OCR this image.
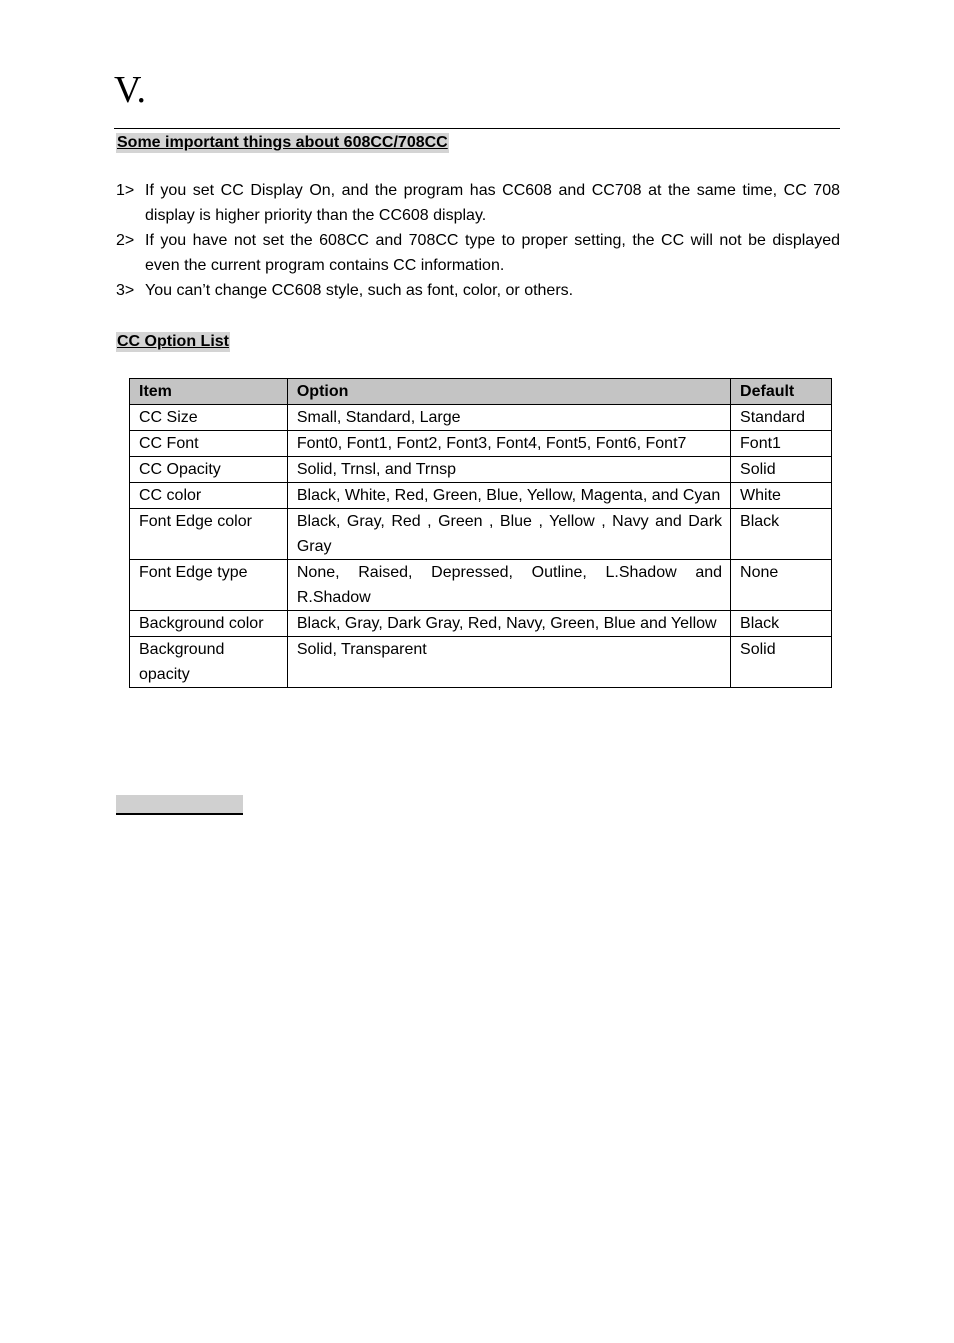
V.
Some important things about 608CC/708CC
1> If you set CC Display On, and the program has CC608 and CC708 at the same time, CC 708 display is higher priority than the CC608 display.
2> If you have not set the 608CC and 708CC type to proper setting, the CC will not be displayed even the current program contains CC information.
3> You can’t change CC608 style, such as font, color, or others.
CC Option List
Item	Option	Default
CC Size	Small, Standard, Large	Standard
CC Font	Font0, Font1, Font2, Font3, Font4, Font5, Font6, Font7	Font1
CC Opacity	Solid, Trnsl, and Trnsp	Solid
CC color	Black, White, Red, Green, Blue, Yellow, Magenta, and Cyan	White
Font Edge color	Black, Gray, Red , Green , Blue , Yellow , Navy and Dark Gray	Black
Font Edge type	None, Raised, Depressed, Outline, L.Shadow and R.Shadow	None
Background color	Black, Gray, Dark Gray, Red, Navy, Green, Blue and Yellow	Black
Background opacity	Solid, Transparent	Solid
